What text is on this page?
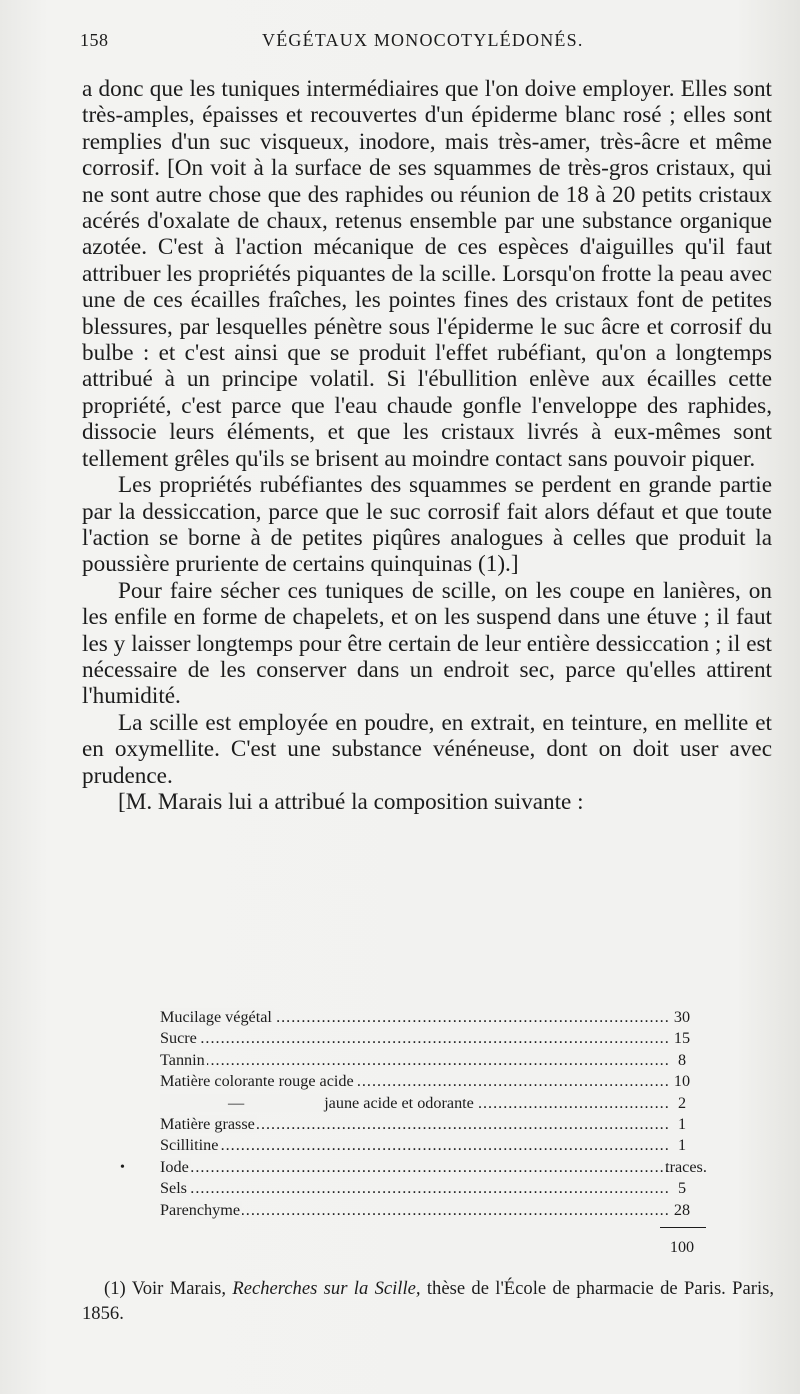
158	VÉGÉTAUX MONOCOTYLÉDONÉS.

a donc que les tuniques intermédiaires que l'on doive employer. Elles sont très-amples, épaisses et recouvertes d'un épiderme blanc rosé ; elles sont remplies d'un suc visqueux, inodore, mais très-amer, très-âcre et même corrosif. [On voit à la surface de ses squammes de très-gros cristaux, qui ne sont autre chose que des raphides ou réunion de 18 à 20 petits cristaux acérés d'oxalate de chaux, retenus ensemble par une substance organique azotée. C'est à l'action mécanique de ces espèces d'aiguilles qu'il faut attribuer les propriétés piquantes de la scille. Lorsqu'on frotte la peau avec une de ces écailles fraîches, les pointes fines des cristaux font de petites blessures, par lesquelles pénètre sous l'épiderme le suc âcre et corrosif du bulbe : et c'est ainsi que se produit l'effet rubéfiant, qu'on a longtemps attribué à un principe volatil. Si l'ébullition enlève aux écailles cette propriété, c'est parce que l'eau chaude gonfle l'enveloppe des raphides, dissocie leurs éléments, et que les cristaux livrés à eux-mêmes sont tellement grêles qu'ils se brisent au moindre contact sans pouvoir piquer.

Les propriétés rubéfiantes des squammes se perdent en grande partie par la dessiccation, parce que le suc corrosif fait alors défaut et que toute l'action se borne à de petites piqûres analogues à celles que produit la poussière pruriente de certains quinquinas (1).]

Pour faire sécher ces tuniques de scille, on les coupe en lanières, on les enfile en forme de chapelets, et on les suspend dans une étuve ; il faut les y laisser longtemps pour être certain de leur entière dessiccation ; il est nécessaire de les conserver dans un endroit sec, parce qu'elles attirent l'humidité.

La scille est employée en poudre, en extrait, en teinture, en mellite et en oxymellite. C'est une substance vénéneuse, dont on doit user avec prudence.

[M. Marais lui a attribué la composition suivante :

Mucilage végétal .....	30
Sucre .....	15
Tannin .....	8
Matière colorante rouge acide .....	10
—	jaune acide et odorante .....	2
Matière grasse .....	1
Scillitine .....	1
• Iode .....	traces.
Sels .....	5
Parenchyme .....	28
100

(1) Voir Marais, Recherches sur la Scille, thèse de l'École de pharmacie de Paris. Paris, 1856.
